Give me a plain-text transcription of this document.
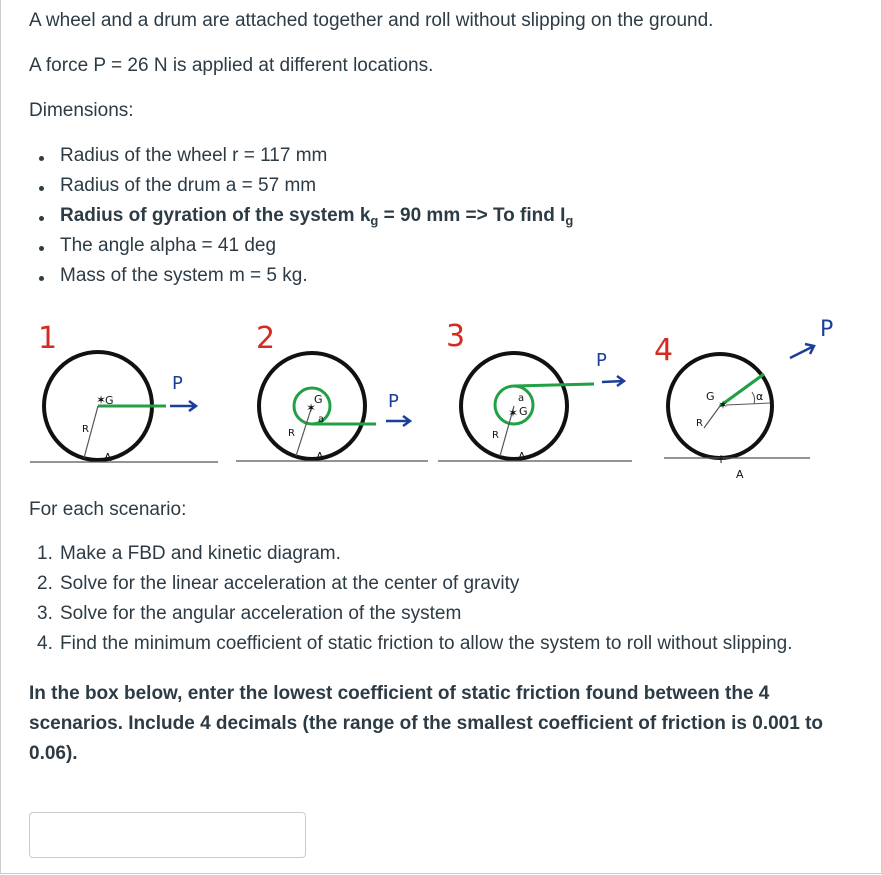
A wheel and a drum are attached together and roll without slipping on the ground.

A force P = 26 N is applied at different locations.

Dimensions:

Radius of the wheel r = 117 mm
Radius of the drum a = 57 mm
Radius of gyration of the system $k_g = 90$ mm => To find $I_g$
The angle alpha = 41 deg
Mass of the system m = 5 kg.
1
✶
G
R
A
P
2
✶
G
a
R
A
P
3
✶ G
a
R
A
P 4
α
✶
G
R
+
A
P

For each scenario:

1. Make a FBD and kinetic diagram.
2. Solve for the linear acceleration at the center of gravity
3. Solve for the angular acceleration of the system
4. Find the minimum coefficient of static friction to allow the system to roll without slipping.

In the box below, enter the lowest coefficient of static friction found between the 4 scenarios. Include 4 decimals (the range of the smallest coefficient of friction is 0.001 to 0.06).
